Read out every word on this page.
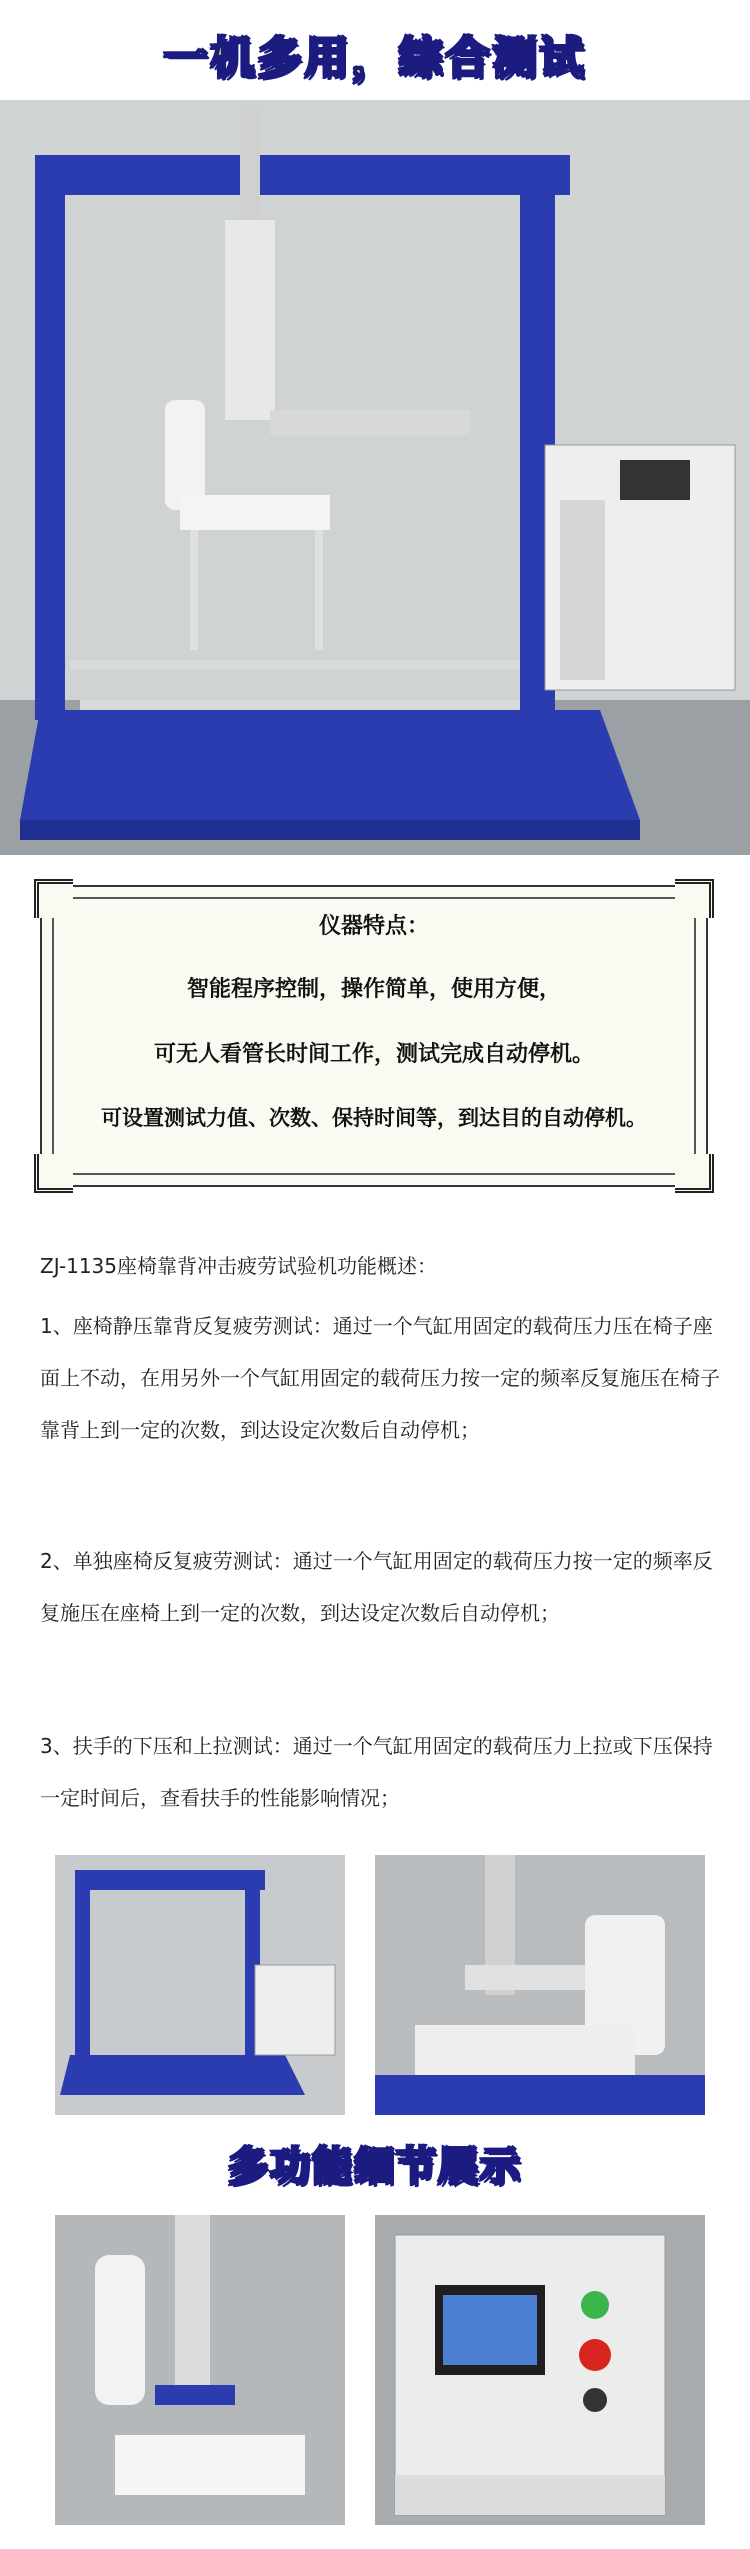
一机多用，综合测试
仪器特点：
智能程序控制，操作简单，使用方便，
可无人看管长时间工作，测试完成自动停机。
可设置测试力值、次数、保持时间等，到达目的自动停机。
ZJ-1135座椅靠背冲击疲劳试验机功能概述：
1、座椅静压靠背反复疲劳测试：通过一个气缸用固定的载荷压力压在椅子座面上不动，在用另外一个气缸用固定的载荷压力按一定的频率反复施压在椅子靠背上到一定的次数，到达设定次数后自动停机；
2、单独座椅反复疲劳测试：通过一个气缸用固定的载荷压力按一定的频率反复施压在座椅上到一定的次数，到达设定次数后自动停机；
3、扶手的下压和上拉测试：通过一个气缸用固定的载荷压力上拉或下压保持一定时间后，查看扶手的性能影响情况；
多功能细节展示
